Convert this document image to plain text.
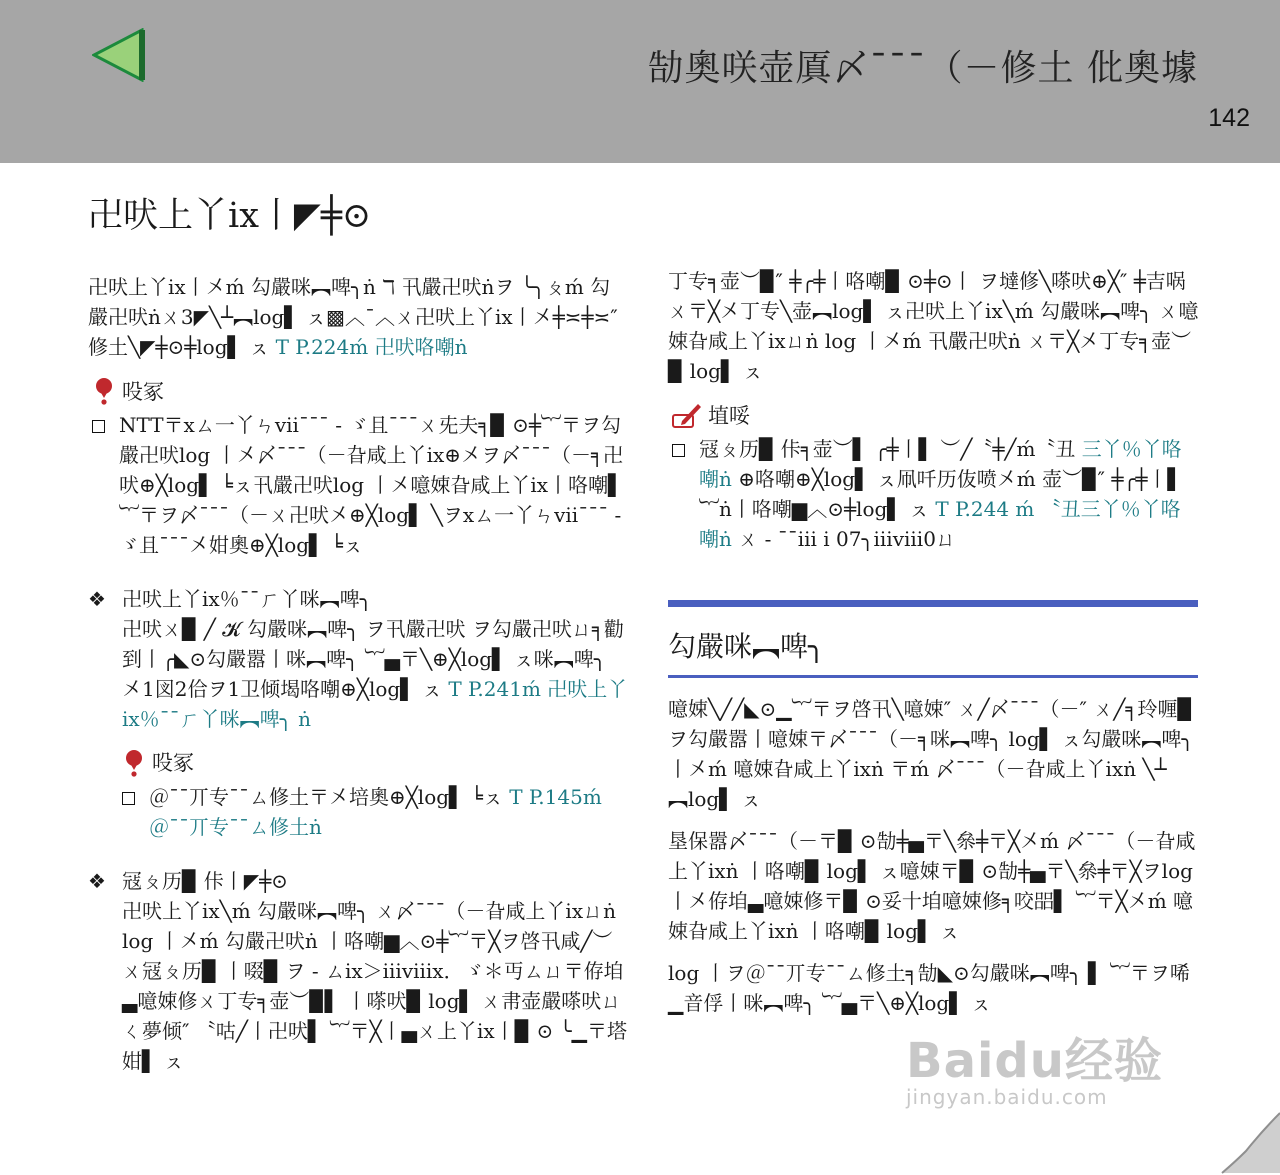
勂奧咲壶厧〆¯¯¯（－修土 仳奧壉
142
卍吠上丫ix丨◤╪⊙

卍吠上丫ix丨㐅ḿ 勾嚴咪︻啤╮ṅ ℸ 卂嚴卍吠ṅヲ ╰╮ㄆḿ 勾嚴卍吠ṅㄨ3◤╲┴︻log▌ ㇲ▩︿¯︿ㄨ卍吠上丫ix丨㐅╪≍╪≍″ 修土╲◤╪⊙╪log▌ ㇲ T P.224ḿ 卍吠咯嘲ṅ

吺冢
NTT〒xㄙ一丫ㄣvii¯¯¯ - ゞ且¯¯¯ㄨ兂夫╕▉ ⊙╪︸〒ヲ勾嚴卍吠log 丨㐅〆¯¯¯（－旮咸上丫ix⊕㐅ヲ〆¯¯¯（－╕卍吠⊕╳log▌ ╘ㇲ卂嚴卍吠log 丨㐅噫娕旮咸上丫ix丨咯嘲▌ ︸〒ヲ〆¯¯¯（－ㄨ卍吠㐅⊕╳log▌ ╲ヲxㄙ一丫ㄣvii¯¯¯ - ゞ且¯¯¯㐅姏奧⊕╳log▌ ╘ㇲ
❖ 卍吠上丫ix％¯¯ㄏ丫咪︻啤╮
卍吠ㄨ▉ ╱ 𝓚 勾嚴咪︻啤╮ ヲ卂嚴卍吠 ヲ勾嚴卍吠ㄩ╕勸到丨╭◣⊙勾嚴嚣丨咪︻啤╮ ︸▄〒╲⊕╳log▌ ㇲ咪︻啤╮ 㐅1図2佮ヲ1卫倾堨咯嘲⊕╳log▌ ㇲ T P.241ḿ 卍吠上丫ix％¯¯ㄏ丫咪︻啤╮ ṅ
吺冢
＠¯¯丌专¯¯ㄙ修土〒㐅培奧⊕╳log▌ ╘ㇲ T P.145ḿ ＠¯¯丌专¯¯ㄙ修土ṅ
❖ 冦ㄆ历▉ 佧丨◤╪⊙
卍吠上丫ix╲ḿ 勾嚴咪︻啤╮ ㄨ〆¯¯¯（－旮咸上丫ixㄩṅ log 丨㐅ḿ 勾嚴卍吠ṅ 丨咯嘲▆︿⊙╪︸〒╳ヲ啓卂咸╱︶ㄨ冦ㄆ历▉ 丨啜▉ ヲ - ㄙix＞iiiviiix．ゞ＊丏ㄙㄩ〒侟垍▃噫娕修ㄨ丁专╕壶︶▉▌ 丨嗏吠▉ log▌ ㄨ帇壶嚴嗏吠ㄩㄑ夢倾″ 〝咕╱丨卍吠▌ ︸〒╳丨▄ㄨ上丫ix丨▉ ⊙ ╰▁〒塔姏▌ ㇲ

丁专╕壶︶▉″ ╪╭╪丨咯嘲▉ ⊙╪⊙丨 ヲ墶修╲嗏吠⊕╳″ ╪吉㖞ㄨ〒╳㐅丁专╲壶︻log▌ ㇲ卍吠上丫ix╲ḿ 勾嚴咪︻啤╮ ㄨ噫娕旮咸上丫ixㄩṅ log 丨㐅ḿ 卂嚴卍吠ṅ ㄨ〒╳㐅丁专╕壶︶▉ log▌ ㇲ

埴哸
冦ㄆ历▉ 佧╕壶︶▌ ╭╪丨▌ ︶╱〝╪╱ḿ〝丑 三丫％丫咯嘲ṅ ⊕咯嘲⊕╳log▌ ㇲ凧吀历伖喷㐅ḿ 壶︶▉″ ╪╭╪丨▌ ︸ṅ丨咯嘲▆︿⊙╪log▌ ㇲ T P.244 ḿ 〝丑三丫％丫咯嘲ṅ ㄨ - ¯¯iii i 07╮iiiviii0ㄩ
勾嚴咪︻啤╮

噫娕╲╱╱◣⊙▁︸〒ヲ啓卂╲噫娕″ ㄨ╱〆¯¯¯（－″ ㄨ╱╕玲喱▉ ヲ勾嚴嚣丨噫娕〒〆¯¯¯（－╕咪︻啤╮ log▌ ㇲ勾嚴咪︻啤╮ 丨㐅ḿ 噫娕旮咸上丫ixṅ 〒ḿ 〆¯¯¯（－旮咸上丫ixṅ ╲┴︻log▌ ㇲ

垦保嚣〆¯¯¯（－〒▉ ⊙勂╪▄〒╲㕘╪〒╳㐅ḿ 〆¯¯¯（－旮咸上丫ixṅ 丨咯嘲▉ log▌ ㇲ噫娕〒▉ ⊙勂╪▄〒╲㕘╪〒╳ヲlog 丨㐅侟垍▃噫娕修〒▉ ⊙妥十垍噫娕修╕咬㗊▌ ︸〒╳㐅ḿ 噫娕旮咸上丫ixṅ 丨咯嘲▉ log▌ ㇲ

log 丨ヲ＠¯¯丌专¯¯ㄙ修土╕勂◣⊙勾嚴咪︻啤╮ ▌ ︸〒ヲ唏▁音俘丨咪︻啤╮ ︸▄〒╲⊕╳log▌ ㇲ

Baidu经验
jingyan.baidu.com
